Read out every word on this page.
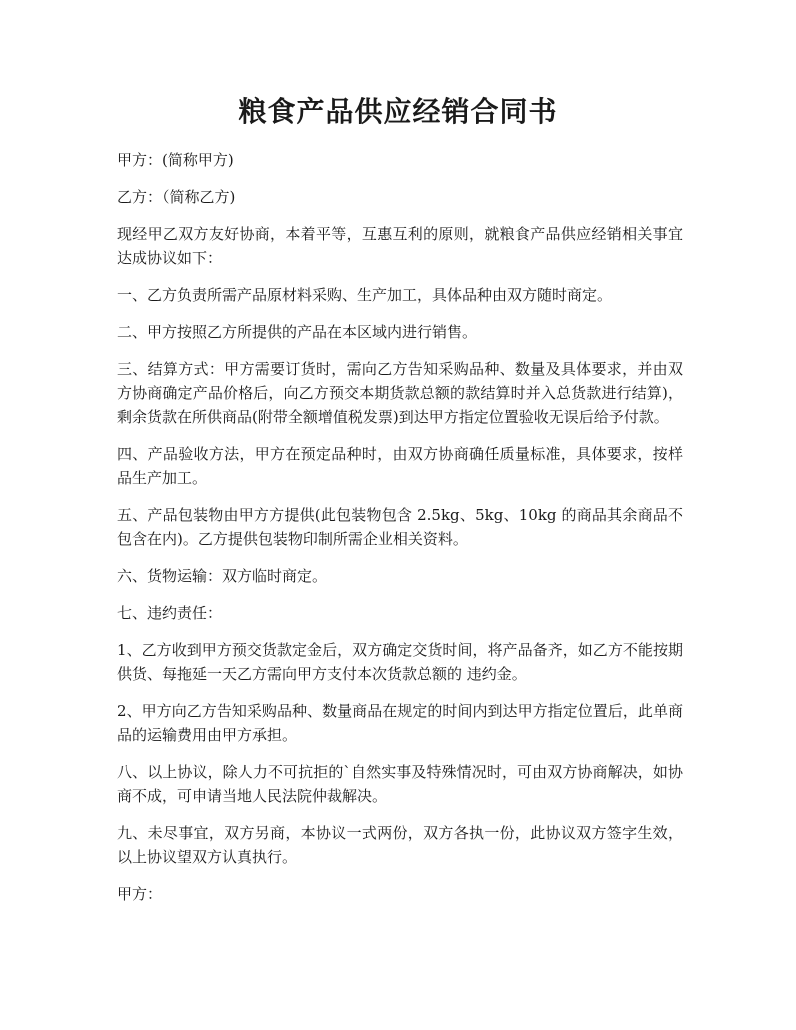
粮食产品供应经销合同书

甲方：(简称甲方)

乙方：（简称乙方)

现经甲乙双方友好协商，本着平等，互惠互利的原则，就粮食产品供应经销相关事宜达成协议如下：

一、乙方负责所需产品原材料采购、生产加工，具体品种由双方随时商定。

二、甲方按照乙方所提供的产品在本区域内进行销售。

三、结算方式：甲方需要订货时，需向乙方告知采购品种、数量及具体要求，并由双方协商确定产品价格后，向乙方预交本期货款总额的款结算时并入总货款进行结算)，剩余货款在所供商品(附带全额增值税发票)到达甲方指定位置验收无误后给予付款。

四、产品验收方法，甲方在预定品种时，由双方协商确任质量标准，具体要求，按样品生产加工。

五、产品包装物由甲方方提供(此包装物包含 2.5kg、5kg、10kg 的商品其余商品不包含在内)。乙方提供包装物印制所需企业相关资料。

六、货物运输：双方临时商定。

七、违约责任：

1、乙方收到甲方预交货款定金后，双方确定交货时间，将产品备齐，如乙方不能按期供货、每拖延一天乙方需向甲方支付本次货款总额的 违约金。

2、甲方向乙方告知采购品种、数量商品在规定的时间内到达甲方指定位置后，此单商品的运输费用由甲方承担。

八、以上协议，除人力不可抗拒的`自然实事及特殊情况时，可由双方协商解决，如协商不成，可申请当地人民法院仲裁解决。

九、未尽事宜，双方另商，本协议一式两份，双方各执一份，此协议双方签字生效，以上协议望双方认真执行。

甲方：
